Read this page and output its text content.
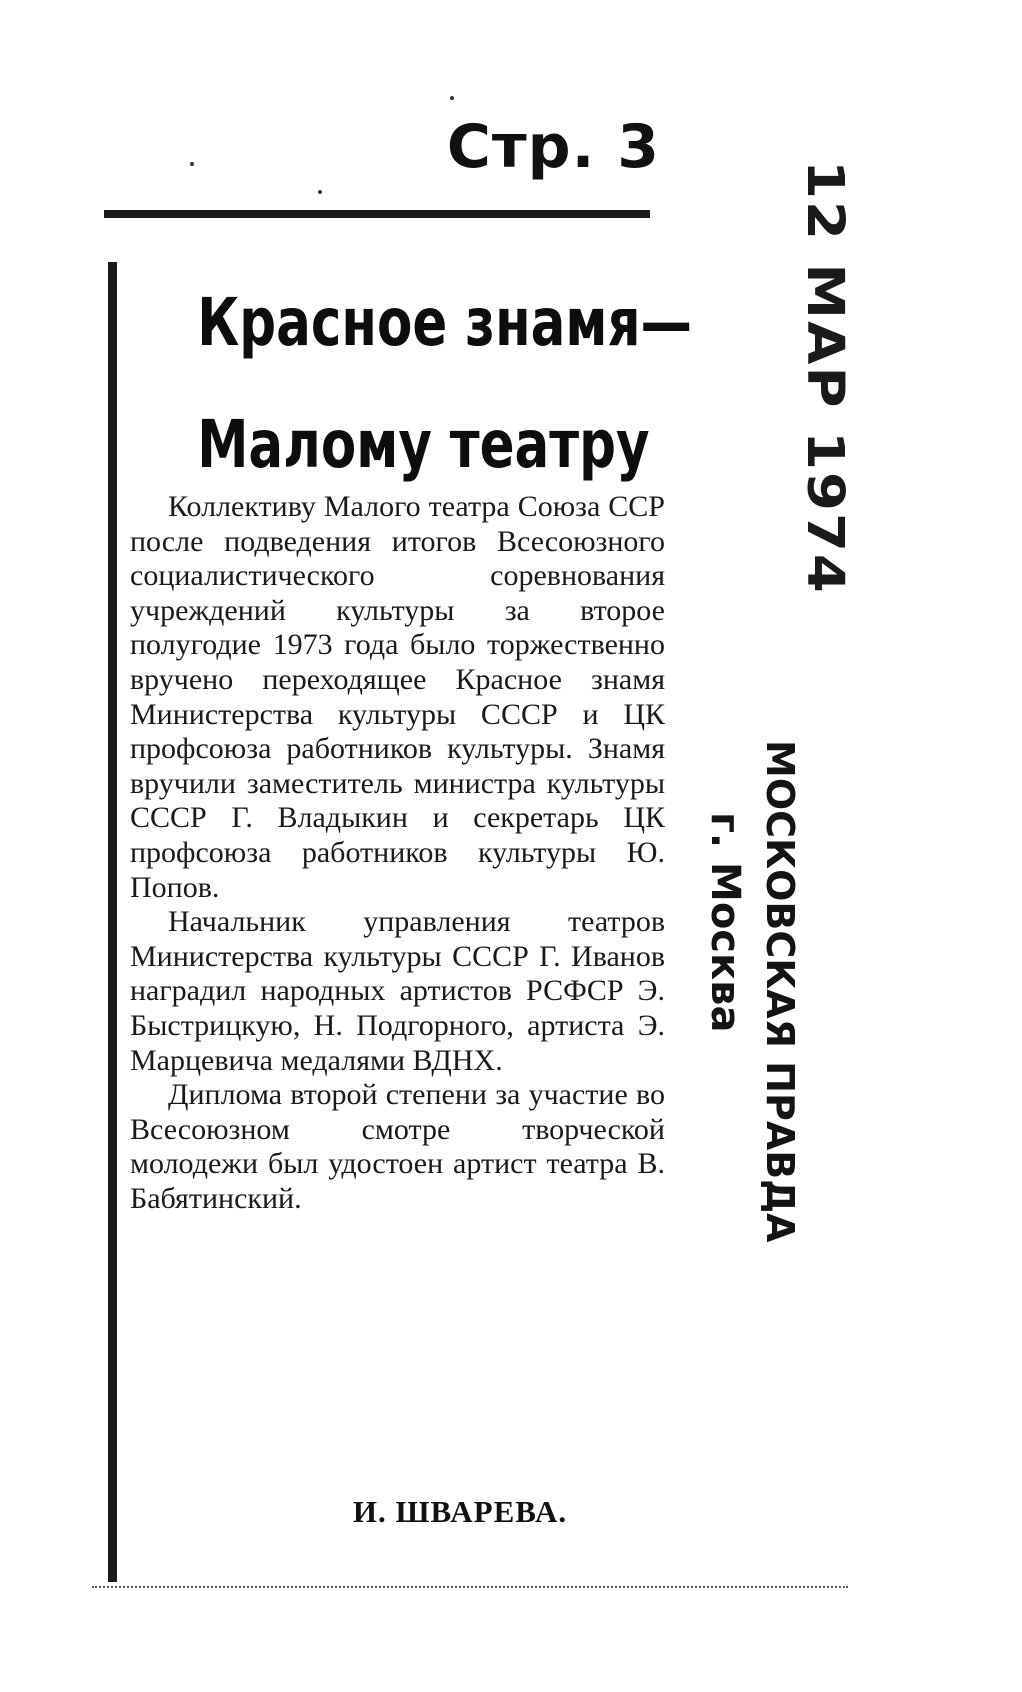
Стр. 3
Красное знамя—
Малому театру

Коллективу Малого театра Союза ССР после подведения итогов Всесоюзного социалистического соревнования учреждений культуры за второе полугодие 1973 года было торжественно вручено переходящее Красное знамя Министерства культуры СССР и ЦК профсоюза работников культуры. Знамя вручили заместитель министра культуры СССР Г. Владыкин и секретарь ЦК профсоюза работников культуры Ю. Попов.

Начальник управления театров Министерства культуры СССР Г. Иванов наградил народных артистов РСФСР Э. Быстрицкую, Н. Подгорного, артиста Э. Марцевича медалями ВДНХ.

Диплома второй степени за участие во Всесоюзном смотре творческой молодежи был удостоен артист театра В. Бабятинский.

И. ШВАРЕВА.
12 МАР 1974
МОСКОВСКАЯ ПРАВДА
г. Москва
